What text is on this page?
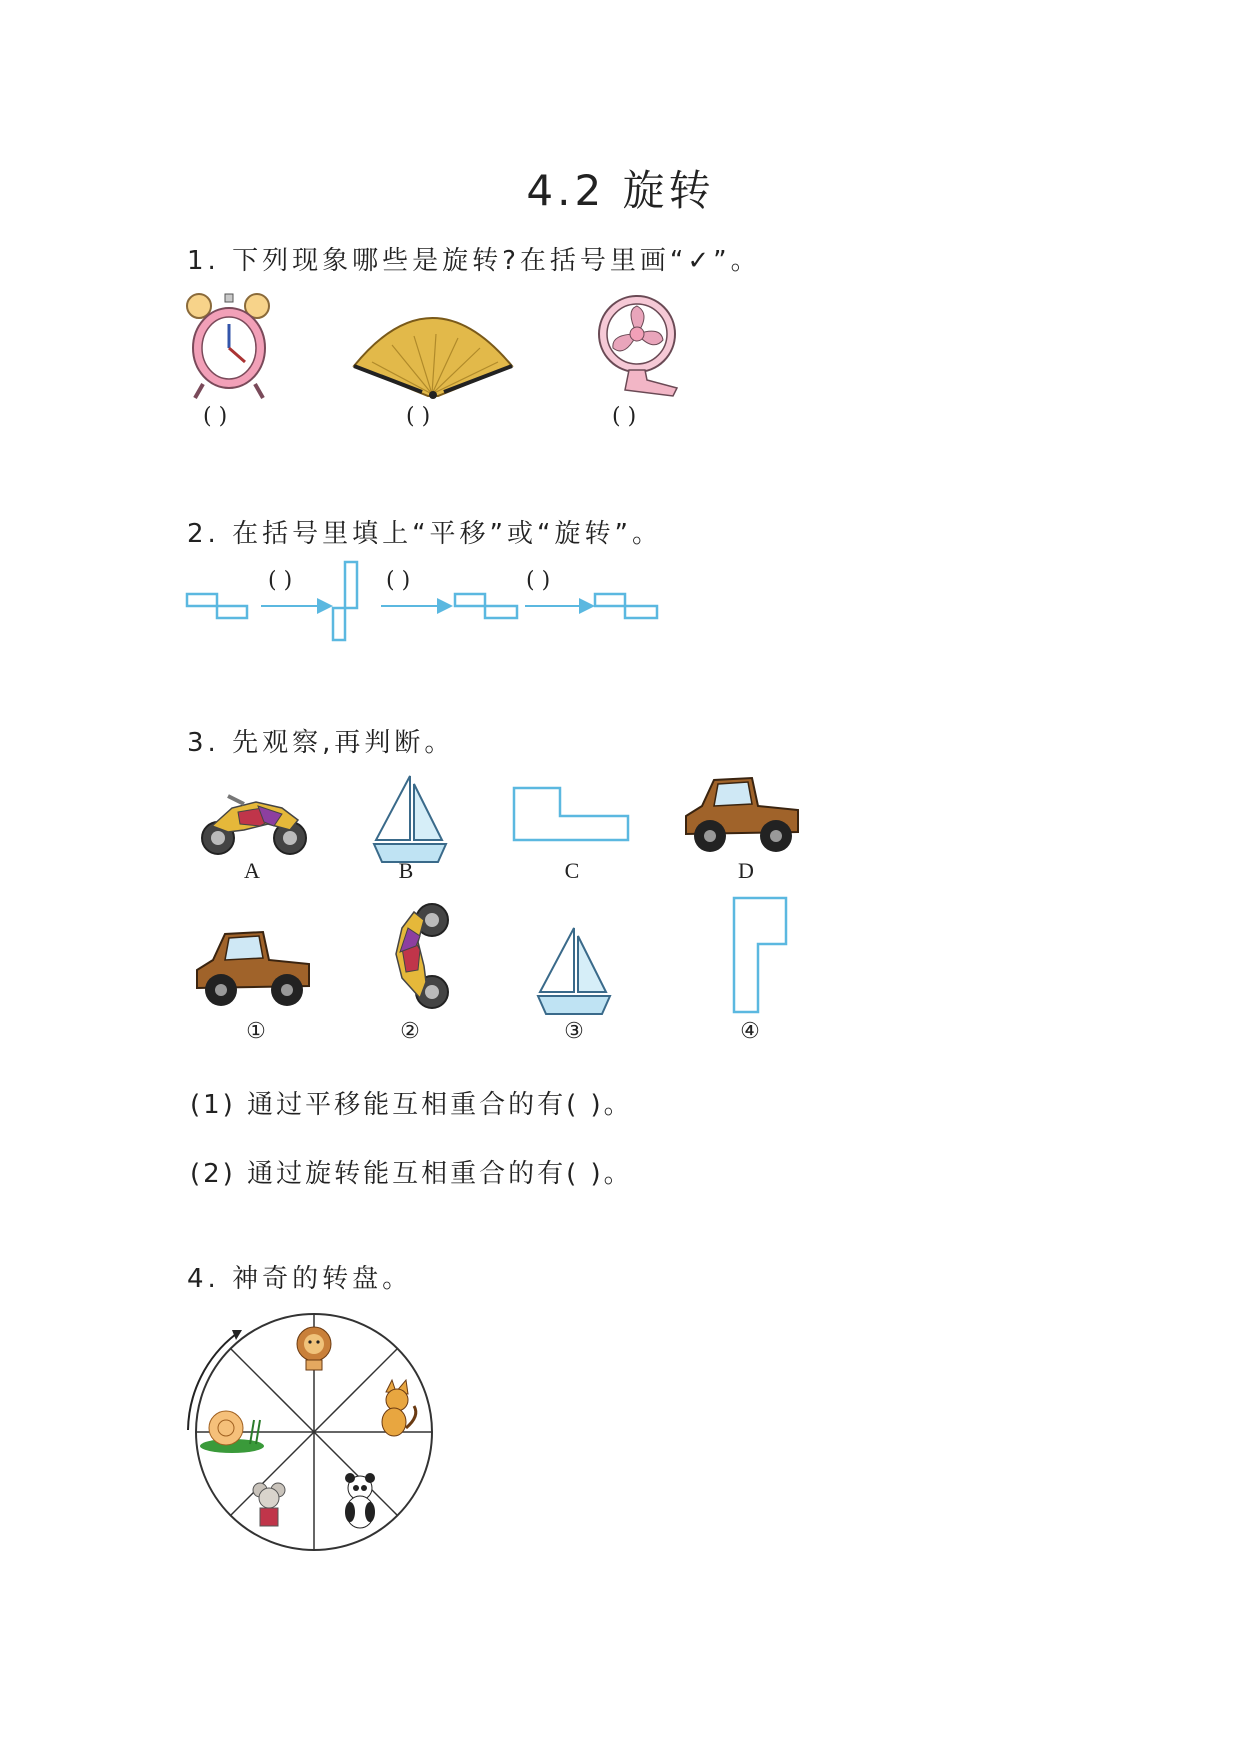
4.2 旋转
1. 下列现象哪些是旋转?在括号里画“✓”。
( )	( )	( )
2. 在括号里填上“平移”或“旋转”。
( )	( )	( )
3. 先观察,再判断。
A	B	C	D
①	②	③	④
(1) 通过平移能互相重合的有( )。
(2) 通过旋转能互相重合的有( )。
4. 神奇的转盘。
